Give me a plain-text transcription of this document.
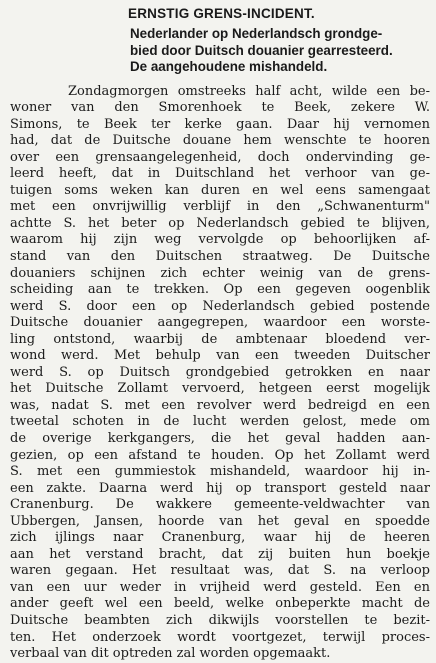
ERNSTIG GRENS-INCIDENT.
Nederlander op Nederlandsch grondge-
bied door Duitsch douanier gearresteerd.
De aangehoudene mishandeld.
Zondagmorgen omstreeks half acht, wilde een be-
woner van den Smorenhoek te Beek, zekere W.
Simons, te Beek ter kerke gaan. Daar hij vernomen
had, dat de Duitsche douane hem wenschte te hooren
over een grensaangelegenheid, doch ondervinding ge-
leerd heeft, dat in Duitschland het verhoor van ge-
tuigen soms weken kan duren en wel eens samengaat
met een onvrijwillig verblijf in den „Schwanenturm"
achtte S. het beter op Nederlandsch gebied te blijven,
waarom hij zijn weg vervolgde op behoorlijken af-
stand van den Duitschen straatweg. De Duitsche
douaniers schijnen zich echter weinig van de grens-
scheiding aan te trekken. Op een gegeven oogenblik
werd S. door een op Nederlandsch gebied postende
Duitsche douanier aangegrepen, waardoor een worste-
ling ontstond, waarbij de ambtenaar bloedend ver-
wond werd. Met behulp van een tweeden Duitscher
werd S. op Duitsch grondgebied getrokken en naar
het Duitsche Zollamt vervoerd, hetgeen eerst mogelijk
was, nadat S. met een revolver werd bedreigd en een
tweetal schoten in de lucht werden gelost, mede om
de overige kerkgangers, die het geval hadden aan-
gezien, op een afstand te houden. Op het Zollamt werd
S. met een gummiestok mishandeld, waardoor hij in-
een zakte. Daarna werd hij op transport gesteld naar
Cranenburg. De wakkere gemeente-veldwachter van
Ubbergen, Jansen, hoorde van het geval en spoedde
zich ijlings naar Cranenburg, waar hij de heeren
aan het verstand bracht, dat zij buiten hun boekje
waren gegaan. Het resultaat was, dat S. na verloop
van een uur weder in vrijheid werd gesteld. Een en
ander geeft wel een beeld, welke onbeperkte macht de
Duitsche beambten zich dikwijls voorstellen te bezit-
ten. Het onderzoek wordt voortgezet, terwijl proces-
verbaal van dit optreden zal worden opgemaakt.
